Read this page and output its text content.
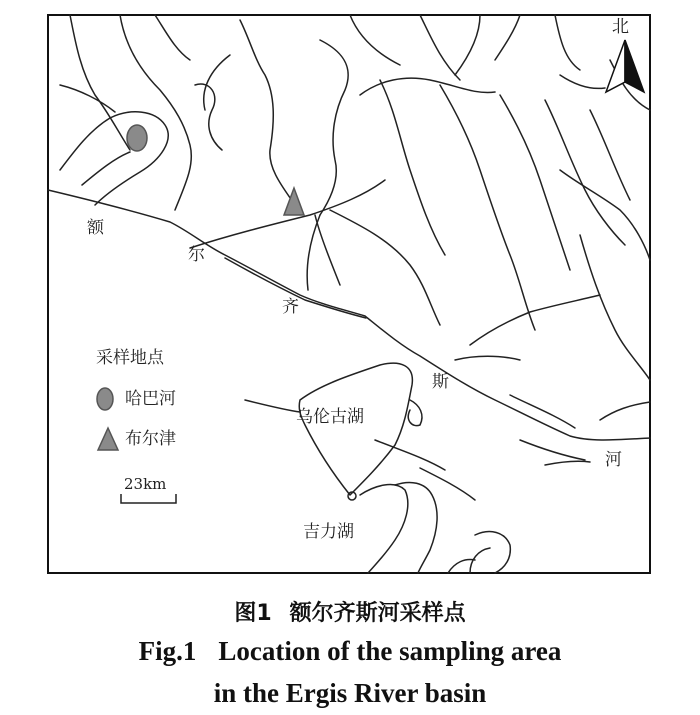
北
额
尔
齐
斯
河
乌伦古湖
吉力湖
采样地点
哈巴河
布尔津
23km
图1 额尔齐斯河采样点
Fig.1 Location of the sampling area
in the Ergis River basin
